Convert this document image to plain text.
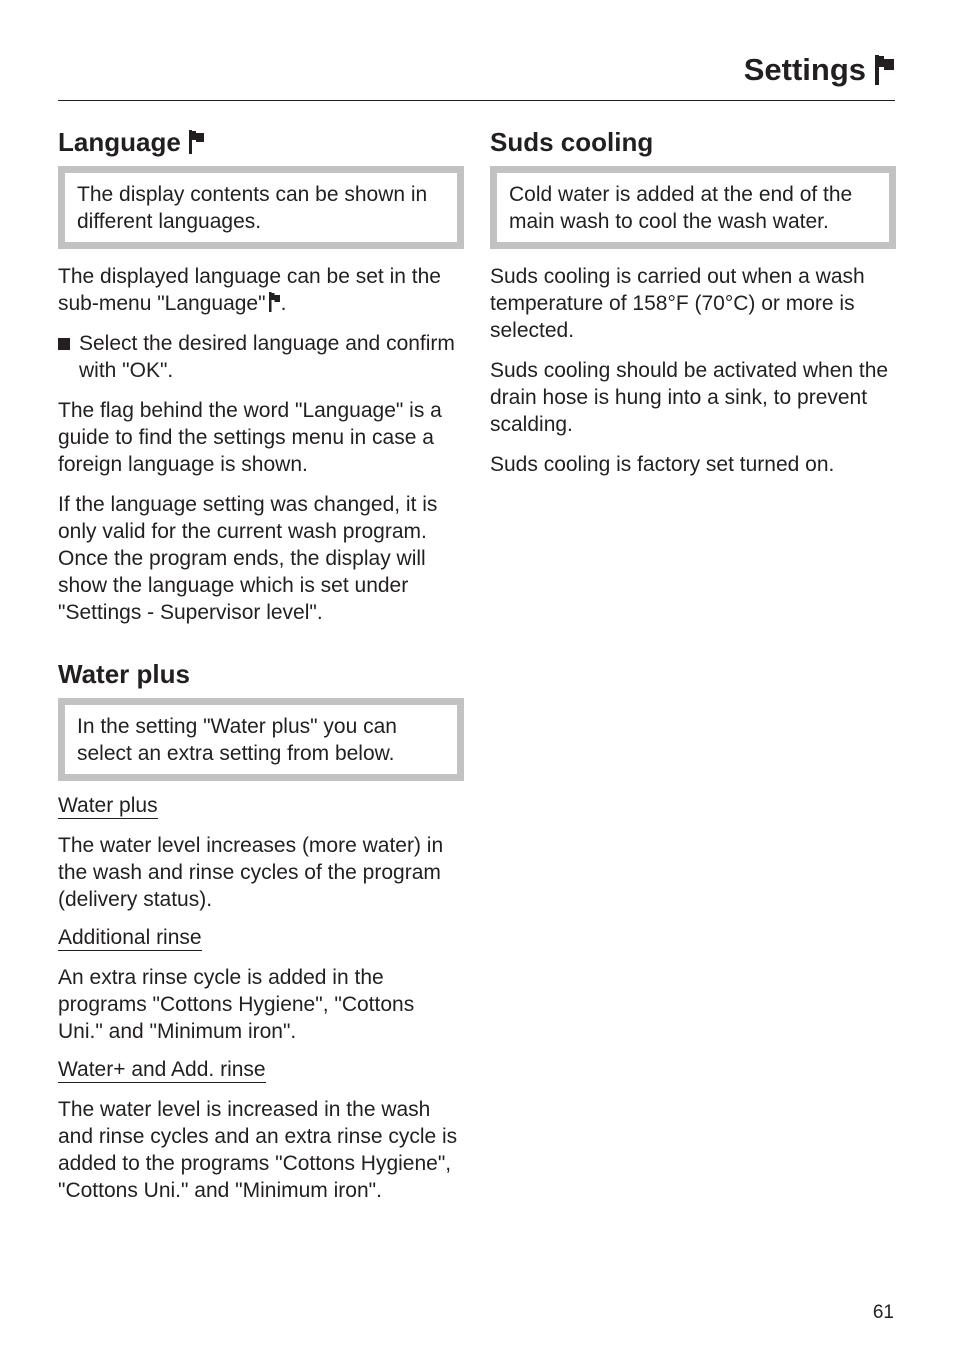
Settings
Language
The display contents can be shown in different languages.

The displayed language can be set in the sub-menu "Language" .

Select the desired language and confirm with "OK".

The flag behind the word "Language" is a guide to find the settings menu in case a foreign language is shown.

If the language setting was changed, it is only valid for the current wash program. Once the program ends, the display will show the language which is set under "Settings - Supervisor level".

Water plus
In the setting "Water plus" you can select an extra setting from below.
Water plus

The water level increases (more water) in the wash and rinse cycles of the program (delivery status).

Additional rinse

An extra rinse cycle is added in the programs "Cottons Hygiene", "Cottons Uni." and "Minimum iron".

Water+ and Add. rinse

The water level is increased in the wash and rinse cycles and an extra rinse cycle is added to the programs "Cottons Hygiene", "Cottons Uni." and "Minimum iron".

Suds cooling
Cold water is added at the end of the main wash to cool the wash water.

Suds cooling is carried out when a wash temperature of 158°F (70°C) or more is selected.

Suds cooling should be activated when the drain hose is hung into a sink, to prevent scalding.

Suds cooling is factory set turned on.

61
